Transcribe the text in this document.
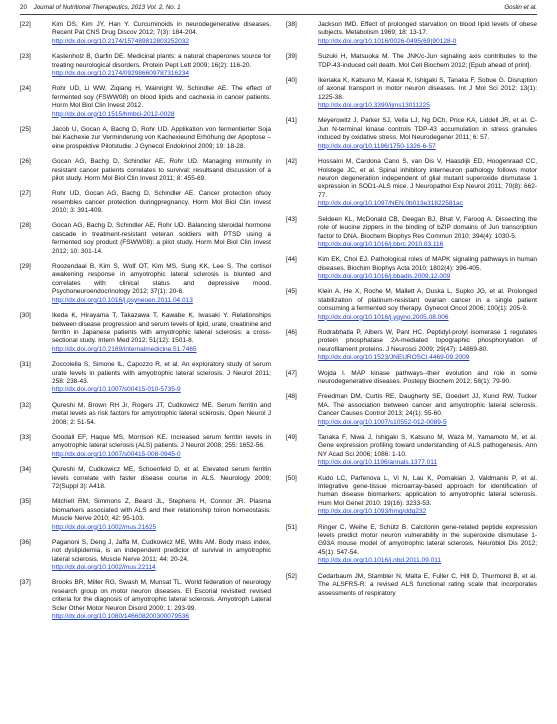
20 Journal of Nutritional Therapeutics, 2013 Vol. 2, No. 1	Goslin et al.
[22]	Kim DS, Kim JY, Han Y. Curcuminoids in neurodegenerative diseases. Recent Pat CNS Drug Discov 2012; 7(3): 184-204.
http://dx.doi.org/10.2174/157489812803252032
[23]	Kastenholz B, Garfin DE. Medicinal plants: a natural chaperones source for treating neurological disorders. Protein Pept Lett 2009; 16(2): 116-20.
http://dx.doi.org/10.2174/092986609787316234
[24]	Rohr UD, Li WW, Ziqiang H, Wainright W, Schindler AE. The effect of fermented soy (FSWW08) on blood lipids and cachexia in cancer patients. Horm Mol Biol Clin Invest 2012.
http://dx.doi.org/10.1515/hmbci-2012-0028
[25]	Jacob U, Gocan A, Bachg D, Rohr UD. Applikation von fermentierter Soja bei Kachexie zur Verminderung von Kachexieund Erhöhung der Apoptose – eine prospektive Pilotstudie. J Gynecol Endokrinol 2009; 19: 18-28.
[26]	Gocan AG, Bachg D, Schindler AE, Rohr UD. Managing immunity in resistant cancer patients correlates to survival: resultsand discussion of a pilot study. Horm Mol Biol Clin Invest 2011; 8: 455-69.
[27]	Rohr UD, Gocan AG, Bachg D, Schindler AE. Cancer protection ofsoy resembles cancer protection duringpregnancy. Horm Mol Biol Clin Invest 2010; 3: 391-409.
[28]	Gocan AG, Bachg D, Schindler AE, Rohr UD. Balancing steroidal hormone cascade in treatment-resistant veteran soldiers with PTSD using a fermented soy product (FSWW08): a pilot study. Horm Mol Biol Clin Invest 2012; 10: 301-14.
[29]	Roozendaal B, Kim S, Wolf OT, Kim MS, Sung KK, Lee S. The cortisol awakening response in amyotrophic lateral sclerosis is blunted and correlates with clinical status and depressive mood. Psychoneuroendocrinology 2012; 37(1): 20-6.
http://dx.doi.org/10.1016/j.psyneuen.2011.04.013
[30]	Ikeda K, Hirayama T, Takazawa T, Kawabe K, Iwasaki Y. Relationships between disease progression and serum levels of lipid, urate, creatinine and ferritin in Japanese patients with amyotrophic lateral sclerosis: a cross-sectional study. Intern Med 2012; 51(12): 1501-8.
http://dx.doi.org/10.2169/internalmedicine.51.7465
[31]	Zoccolella S, Simone IL, Capozzo R, et al. An exploratory study of serum urate levels in patients with amyotrophic lateral sclerosis. J Neurol 2011; 258: 238-43.
http://dx.doi.org/10.1007/s00415-010-5735-9
[32]	Qureshi M, Brown RH Jr, Rogers JT, Cudkowicz ME. Serum ferritin and metal levels as risk factors for amyotrophic lateral sclerosis. Open Neurol J 2008; 2: 51-54.
[33]	Goodall EF, Haque MS, Morrison KE. Increased serum ferritin levels in amyotrophic lateral sclerosis (ALS) patients. J Neurol 2008; 255: 1652-56.
http://dx.doi.org/10.1007/s00415-008-0945-0
[34]	Qureshi M, Cudkowicz ME, Schoenfeld D, et al. Elevated serum ferritin levels correlate with faster disease course in ALS. Neurology 2009; 72(Suppl 3): A418.
[35]	Mitchell RM, Simmons Z, Beard JL, Stephens H, Connor JR. Plasma biomarkers associated with ALS and their relationship toiron homeostasis. Muscle Nerve 2010; 42: 95-103.
http://dx.doi.org/10.1002/mus.21625
[36]	Paganoni S, Deng J, Jaffa M, Cudkowicz ME, Wills AM. Body mass index, not dyslipidemia, is an independent predictor of survival in amyotrophic lateral sclerosis. Muscle Nerve 2011; 44: 20-24.
http://dx.doi.org/10.1002/mus.22114
[37]	Brooks BR, Miller RG, Swash M, Munsat TL. World federation of neurology research group on motor neuron diseases. El Escorial revisited: revised criteria for the diagnosis of amyotrophic lateral sclerosis. Amyotroph Lateral Scler Other Motor Neuron Disord 2000; 1: 293-99.
http://dx.doi.org/10.1080/146608200300079536
[38]	Jackson IMD. Effect of prolonged starvation on blood lipid levels of obese subjects. Metabolism 1969; 18: 13-17.
http://dx.doi.org/10.1016/0026-0495(69)90128-0
[39]	Suzuki H, Matsuoka M. The JNK/c-Jun signaling axis contributes to the TDP-43-induced cell death. Mol Cell Biochem 2012; [Epub ahead of print].
[40]	Ikenaka K, Katsuno M, Kawai K, Ishigaki S, Tanaka F, Sobue G. Disruption of axonal transport in motor neuron diseases. Int J Mol Sci 2012; 13(1): 1225-38.
http://dx.doi.org/10.3390/ijms13011225
[41]	Meyerowitz J, Parker SJ, Vella LJ, Ng DCh, Price KA, Liddell JR, et al. C-Jun N-terminal kinase controls TDP-43 accumulation in stress granules induced by oxidative stress. Mol Neurodegener 2011; 6: 57.
http://dx.doi.org/10.1186/1750-1326-6-57
[42]	Hossaini M, Cardona Cano S, van Dis V, Haasdijk ED, Hoogenraad CC, Holstege JC, et al. Spinal inhibitory interneuron pathology follows motor neuron degeneration independent of glial mutant superoxide dismutase 1 expression in SOD1-ALS mice. J Neuropathol Exp Neurol 2011; 70(8): 662-77.
http://dx.doi.org/10.1097/NEN.0b013e31822581ac
[43]	Seldeen KL, McDonald CB, Deegan BJ, Bhat V, Farooq A. Dissecting the role of leucine zippers in the binding of bZIP domains of Jun transcription factor to DNA. Biochem Biophys Res Commun 2010; 394(4): 1030-5.
http://dx.doi.org/10.1016/j.bbrc.2010.03.116
[44]	Kim EK, Choi EJ. Pathological roles of MAPK signaling pathways in human diseases. Biochim Biophys Acta 2010; 1802(4): 396-405.
http://dx.doi.org/10.1016/j.bbadis.2009.12.009
[45]	Klein A, He X, Roche M, Mallett A, Duska L, Supko JG, et al. Prolonged stabilization of platinum-resistant ovarian cancer in a single patient consuming a fermented soy therapy. Gynecol Oncol 2006; 100(1): 205-9.
http://dx.doi.org/10.1016/j.ygyno.2005.08.006
[46]	Rudrabhatla P, Albers W, Pant HC. Peptidyl-prolyl isomerase 1 regulates protein phosphatase 2A-mediated topographic phosphorylation of neurofilament proteins. J Neurosci 2009; 29(47): 14869-80.
http://dx.doi.org/10.1523/JNEUROSCI.4469-09.2009
[47]	Wojda I. MAP kinase pathways--their evolution and role in some neurodegenerative diseases. Postepy Biochem 2012; 58(1): 79-90.
[48]	Freedman DM, Curtis RE, Daugherty SE, Goedert JJ, Kuncl RW, Tucker MA. The association between cancer and amyotrophic lateral sclerosis. Cancer Causes Control 2013; 24(1): 55-60.
http://dx.doi.org/10.1007/s10552-012-0089-5
[49]	Tanaka F, Niwa J, Ishigaki S, Katsuno M, Waza M, Yamamoto M, et al. Gene expression profiling toward understanding of ALS pathogenesis. Ann NY Acad Sci 2006; 1086: 1-10.
http://dx.doi.org/10.1196/annals.1377.011
[50]	Kudo LC, Parfenova L, Vi N, Lau K, Pomakian J, Valdmanis P, et al. Integrative gene-tissue microarray-based approach for identification of human disease biomarkers: application to amyotrophic lateral sclerosis. Hum Mol Genet 2010; 19(16): 3233-53.
http://dx.doi.org/10.1093/hmg/ddq232
[51]	Ringer C, Weihe E, Schütz B. Calcitonin gene-related peptide expression levels predict motor neuron vulnerability in the superoxide dismutase 1-G93A mouse model of amyotrophic lateral sclerosis. Neurobiol Dis 2012; 45(1): 547-54.
http://dx.doi.org/10.1016/j.nbd.2011.09.011
[52]	Cedarbaum JM, Stambler N, Malta E, Fuller C, Hilt D, Thurmond B, et al. The ALSFRS-R: a revised ALS functional rating scale that incorporates assessments of respiratory
